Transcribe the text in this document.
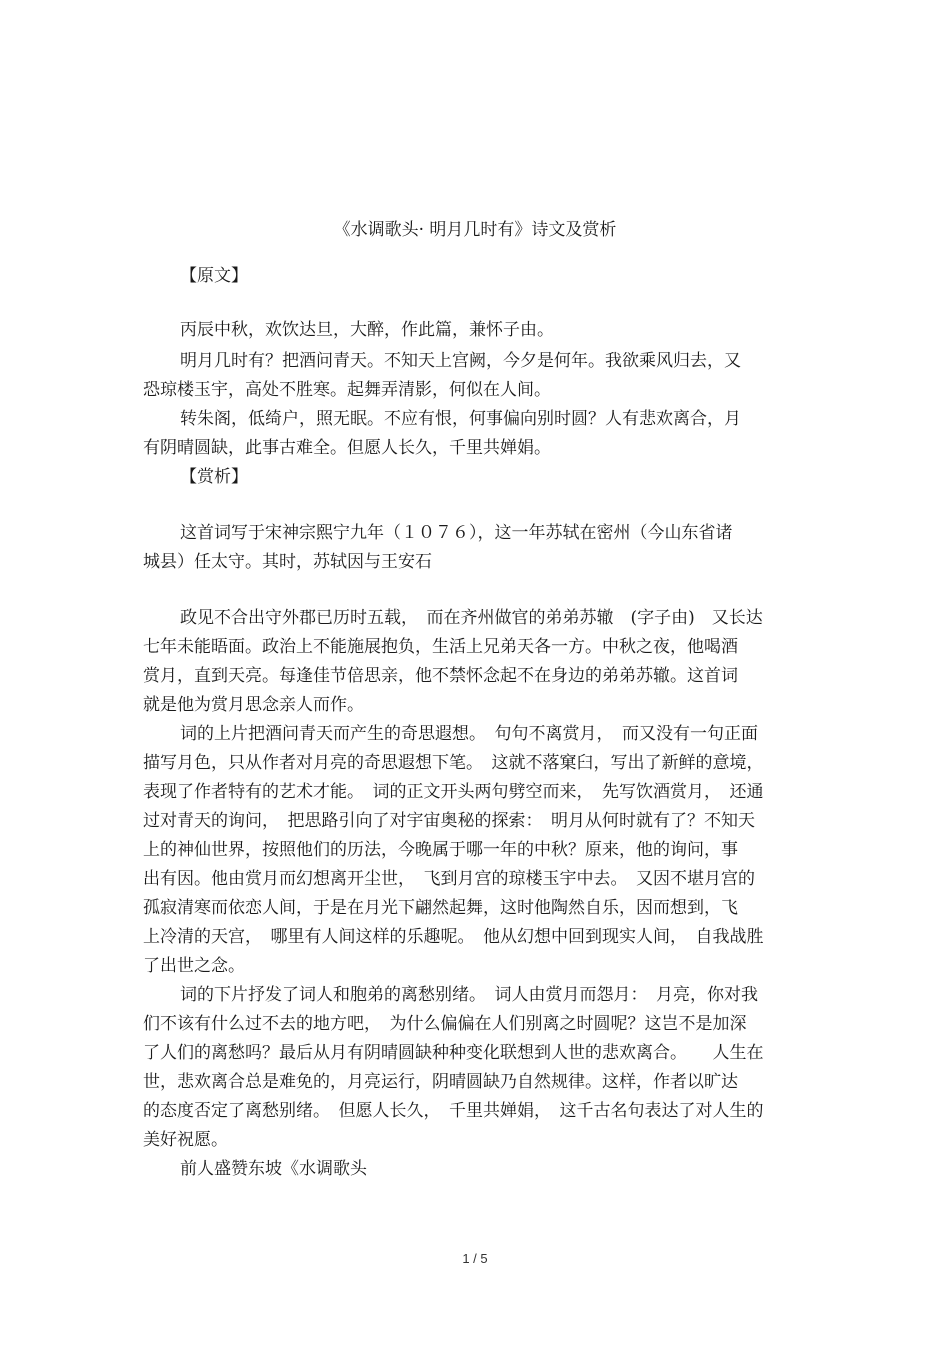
《水调歌头· 明月几时有》诗文及赏析
【原文】
丙辰中秋，欢饮达旦，大醉，作此篇，兼怀子由。
明月几时有？把酒问青天。不知天上宫阙，今夕是何年。我欲乘风归去，又
恐琼楼玉宇，高处不胜寒。起舞弄清影，何似在人间。
转朱阁，低绮户，照无眠。不应有恨，何事偏向别时圆？人有悲欢离合，月
有阴晴圆缺，此事古难全。但愿人长久，千里共婵娟。
【赏析】
这首词写于宋神宗熙宁九年（１０７６），这一年苏轼在密州（今山东省诸
城县）任太守。其时，苏轼因与王安石
政见不合出守外郡已历时五载，　而在齐州做官的弟弟苏辙　(字子由)　又长达
七年未能晤面。政治上不能施展抱负，生活上兄弟天各一方。中秋之夜，他喝酒
赏月，直到天亮。每逢佳节倍思亲，他不禁怀念起不在身边的弟弟苏辙。这首词
就是他为赏月思念亲人而作。
词的上片把酒问青天而产生的奇思遐想。　句句不离赏月，　而又没有一句正面
描写月色，只从作者对月亮的奇思遐想下笔。　这就不落窠臼，写出了新鲜的意境，
表现了作者特有的艺术才能。　词的正文开头两句劈空而来，　先写饮酒赏月，　还通
过对青天的询问，　把思路引向了对宇宙奥秘的探索：　明月从何时就有了？不知天
上的神仙世界，按照他们的历法，今晚属于哪一年的中秋？原来，他的询问，事
出有因。他由赏月而幻想离开尘世，　飞到月宫的琼楼玉宇中去。　又因不堪月宫的
孤寂清寒而依恋人间，于是在月光下翩然起舞，这时他陶然自乐，因而想到，飞
上冷清的天宫，　哪里有人间这样的乐趣呢。　他从幻想中回到现实人间，　自我战胜
了出世之念。
词的下片抒发了词人和胞弟的离愁别绪。　词人由赏月而怨月：　月亮，你对我
们不该有什么过不去的地方吧，　为什么偏偏在人们别离之时圆呢？这岂不是加深
了人们的离愁吗？最后从月有阴晴圆缺种种变化联想到人世的悲欢离合。　　人生在
世，悲欢离合总是难免的，月亮运行，阴晴圆缺乃自然规律。这样，作者以旷达
的态度否定了离愁别绪。　但愿人长久，　千里共婵娟，　这千古名句表达了对人生的
美好祝愿。
前人盛赞东坡《水调歌头
1 / 5
